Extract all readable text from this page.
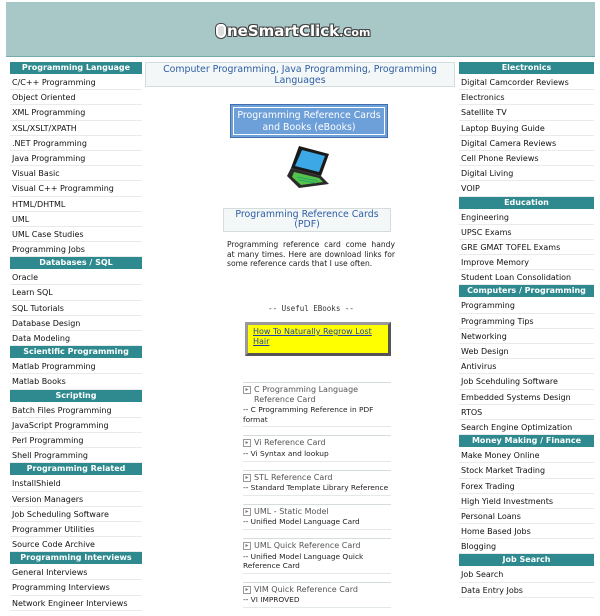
neSmartClick.Com
Programming Language
C/C++ Programming
Object Oriented
XML Programming
XSL/XSLT/XPATH
.NET Programming
Java Programming
Visual Basic
Visual C++ Programming
HTML/DHTML
UML
UML Case Studies
Programming Jobs
Databases / SQL
Oracle
Learn SQL
SQL Tutorials
Database Design
Data Modeling
Scientific Programming
Matlab Programming
Matlab Books
Scripting
Batch Files Programming
JavaScript Programming
Perl Programming
Shell Programming
Programming Related
InstallShield
Version Managers
Job Scheduling Software
Programmer Utilities
Source Code Archive
Programming Interviews
General Interviews
Programming Interviews
Network Engineer Interviews
Electronics
Digital Camcorder Reviews
Electronics
Satellite TV
Laptop Buying Guide
Digital Camera Reviews
Cell Phone Reviews
Digital Living
VOIP
Education
Engineering
UPSC Exams
GRE GMAT TOFEL Exams
Improve Memory
Student Loan Consolidation
Computers / Programming
Programming
Programming Tips
Networking
Web Design
Antivirus
Job Scehduling Software
Embedded Systems Design
RTOS
Search Engine Optimization
Money Making / Finance
Make Money Online
Stock Market Trading
Forex Trading
High Yield Investments
Personal Loans
Home Based Jobs
Blogging
Job Search
Job Search
Data Entry Jobs
Computer Programming, Java Programming, Programming Languages
Programming Reference Cards and Books (eBooks)
Programming Reference Cards (PDF)
Programming reference card come handy at many times. Here are download links for some reference cards that I use often.
-- Useful EBooks --
How To Naturally Regrow Lost Hair
▸ C Programming Language Reference Card
-- C Programming Reference in PDF format
▸ Vi Reference Card
-- Vi Syntax and lookup
▸ STL Reference Card
-- Standard Template Library Reference
▸ UML - Static Model
-- Unified Model Language Card
▸ UML Quick Reference Card
-- Unified Model Language Quick Reference Card
▸ VIM Quick Reference Card
-- VI IMPROVED
